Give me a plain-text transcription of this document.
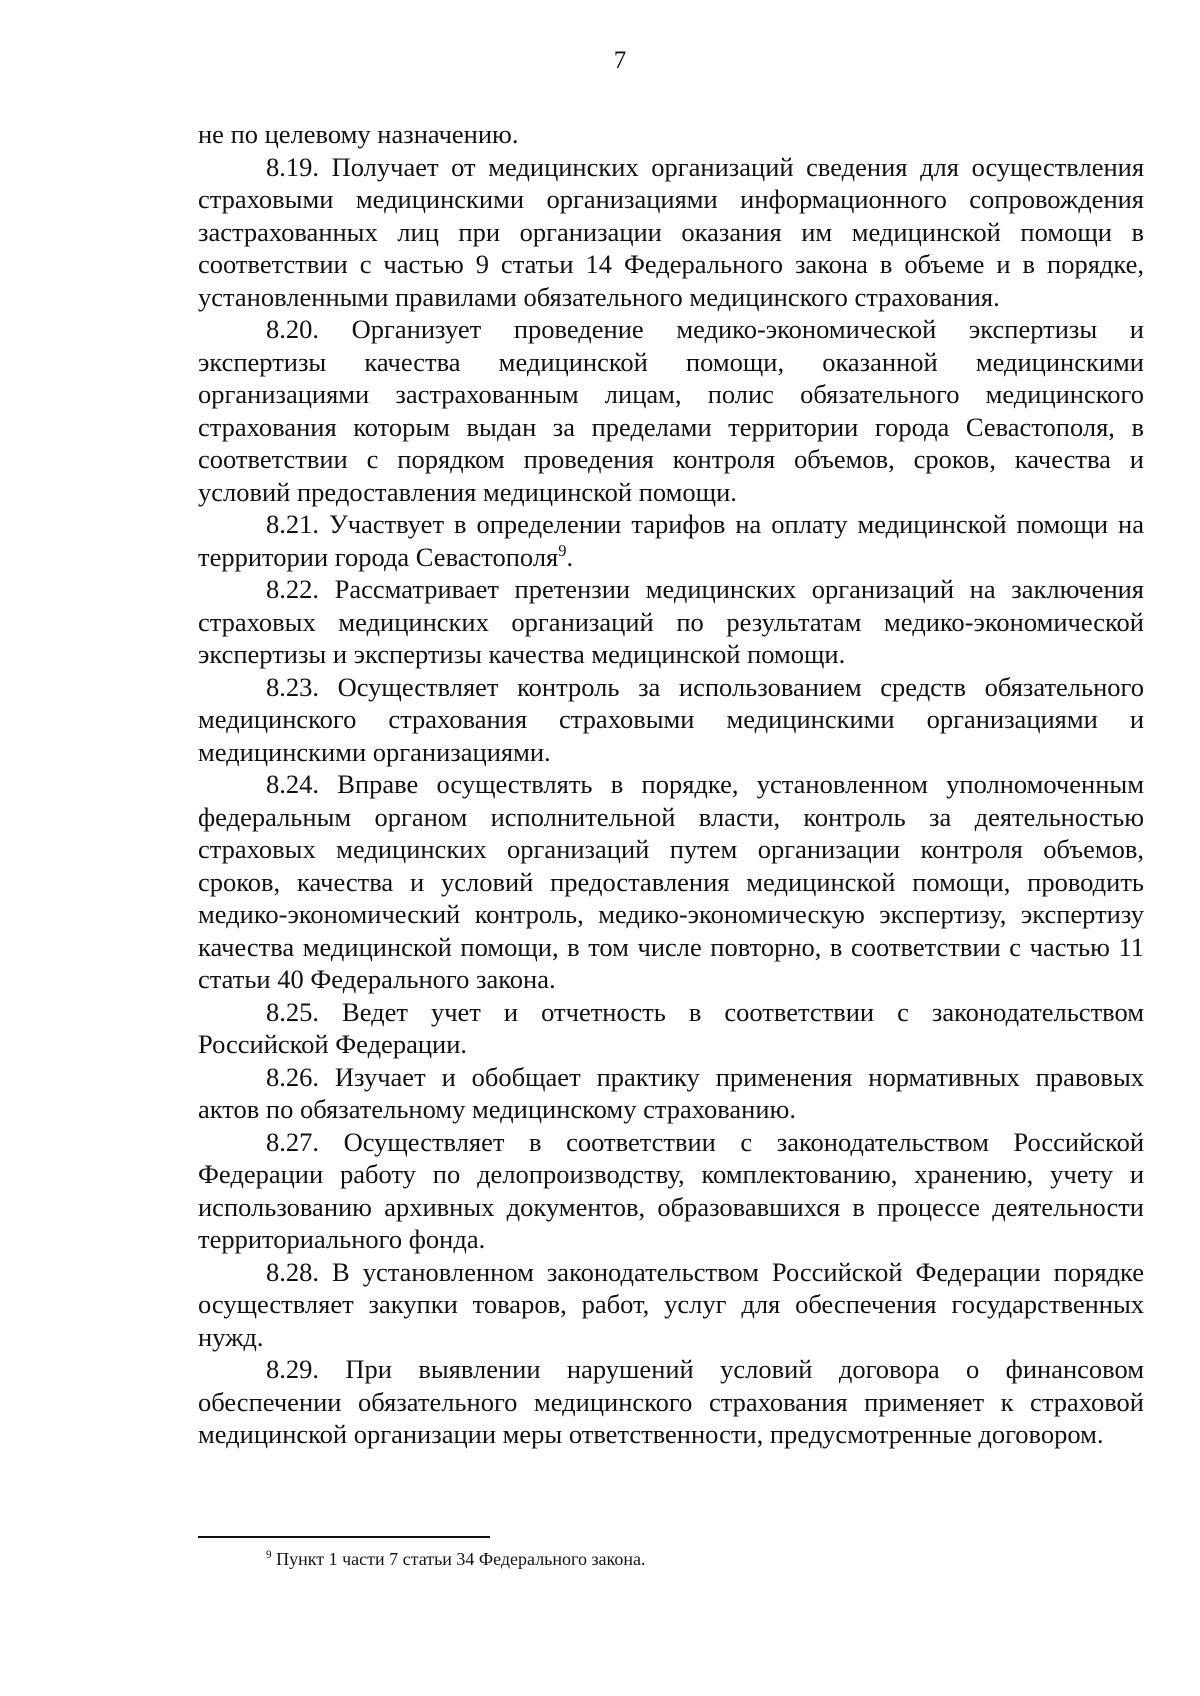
7

не по целевому назначению.

8.19. Получает от медицинских организаций сведения для осуществления страховыми медицинскими организациями информационного сопровождения застрахованных лиц при организации оказания им медицинской помощи в соответствии с частью 9 статьи 14 Федерального закона в объеме и в порядке, установленными правилами обязательного медицинского страхования.

8.20. Организует проведение медико-экономической экспертизы и экспертизы качества медицинской помощи, оказанной медицинскими организациями застрахованным лицам, полис обязательного медицинского страхования которым выдан за пределами территории города Севастополя, в соответствии с порядком проведения контроля объемов, сроков, качества и условий предоставления медицинской помощи.

8.21. Участвует в определении тарифов на оплату медицинской помощи на территории города Севастополя$^9$.

8.22. Рассматривает претензии медицинских организаций на заключения страховых медицинских организаций по результатам медико-экономической экспертизы и экспертизы качества медицинской помощи.

8.23. Осуществляет контроль за использованием средств обязательного медицинского страхования страховыми медицинскими организациями и медицинскими организациями.

8.24. Вправе осуществлять в порядке, установленном уполномоченным федеральным органом исполнительной власти, контроль за деятельностью страховых медицинских организаций путем организации контроля объемов, сроков, качества и условий предоставления медицинской помощи, проводить медико-экономический контроль, медико-экономическую экспертизу, экспертизу качества медицинской помощи, в том числе повторно, в соответствии с частью 11 статьи 40 Федерального закона.

8.25. Ведет учет и отчетность в соответствии с законодательством Российской Федерации.

8.26. Изучает и обобщает практику применения нормативных правовых актов по обязательному медицинскому страхованию.

8.27. Осуществляет в соответствии с законодательством Российской Федерации работу по делопроизводству, комплектованию, хранению, учету и использованию архивных документов, образовавшихся в процессе деятельности территориального фонда.

8.28. В установленном законодательством Российской Федерации порядке осуществляет закупки товаров, работ, услуг для обеспечения государственных нужд.

8.29. При выявлении нарушений условий договора о финансовом обеспечении обязательного медицинского страхования применяет к страховой медицинской организации меры ответственности, предусмотренные договором.

$^9$ Пункт 1 части 7 статьи 34 Федерального закона.
